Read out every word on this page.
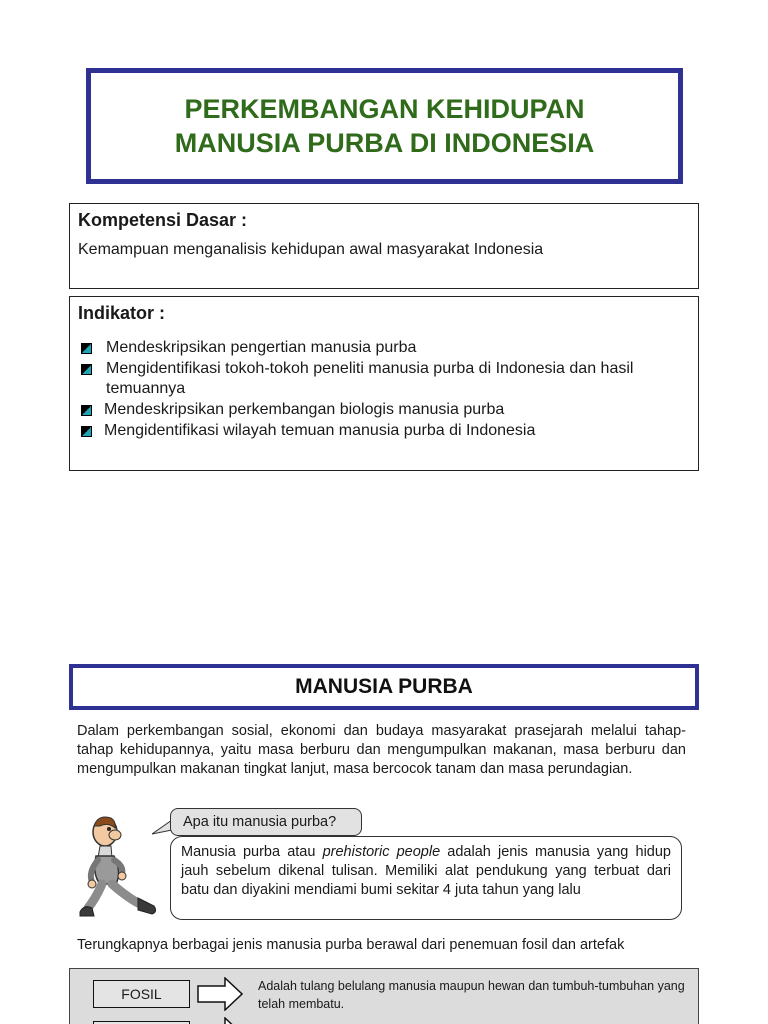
PERKEMBANGAN KEHIDUPAN
MANUSIA PURBA DI INDONESIA
Kompetensi Dasar :
Kemampuan menganalisis kehidupan awal masyarakat Indonesia
Indikator :
Mendeskripsikan pengertian manusia purba
Mengidentifikasi tokoh-tokoh peneliti manusia purba di Indonesia dan hasil temuannya
Mendeskripsikan perkembangan biologis manusia purba
Mengidentifikasi wilayah temuan manusia purba di Indonesia
MANUSIA PURBA

Dalam perkembangan sosial, ekonomi dan budaya masyarakat prasejarah melalui tahap-tahap kehidupannya, yaitu masa berburu dan mengumpulkan makanan, masa berburu dan mengumpulkan makanan tingkat lanjut, masa bercocok tanam dan masa perundagian.

Apa itu manusia purba?
Manusia purba atau prehistoric people adalah jenis manusia yang hidup jauh sebelum dikenal tulisan. Memiliki alat pendukung yang terbuat dari batu dan diyakini mendiami bumi sekitar 4 juta tahun yang lalu
Terungkapnya berbagai jenis manusia purba berawal dari penemuan fosil dan artefak
FOSIL	Adalah tulang belulang manusia maupun hewan dan tumbuh-tumbuhan yang telah membatu.
